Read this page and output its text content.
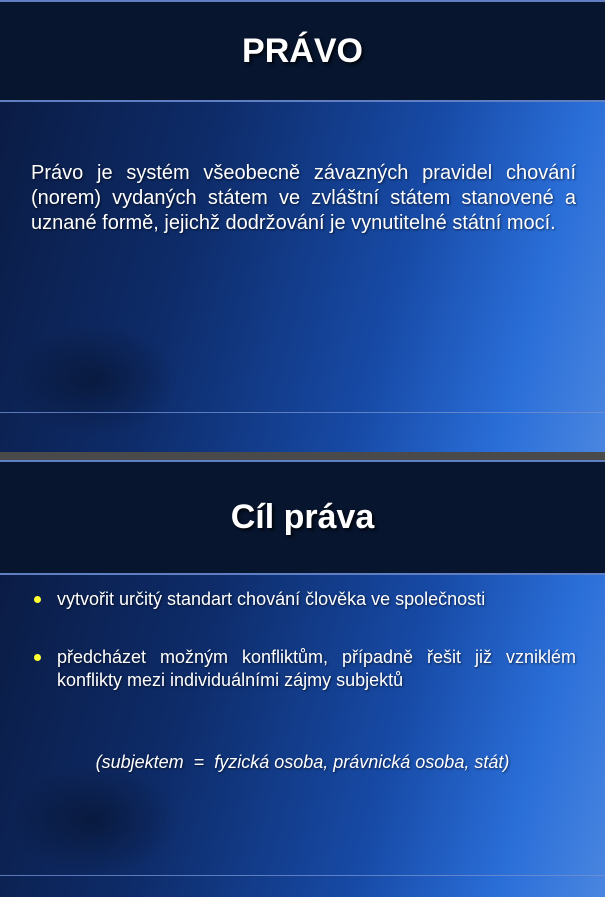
PRÁVO
Právo je systém všeobecně závazných pravidel chování (norem) vydaných státem ve zvláštní státem stanovené a uznané formě, jejichž dodržování je vynutitelné státní mocí.
Cíl práva
vytvořit určitý standart chování člověka ve společnosti
předcházet možným konfliktům, případně řešit již vzniklém konflikty mezi individuálními zájmy subjektů
(subjektem  =  fyzická osoba, právnická osoba, stát)
